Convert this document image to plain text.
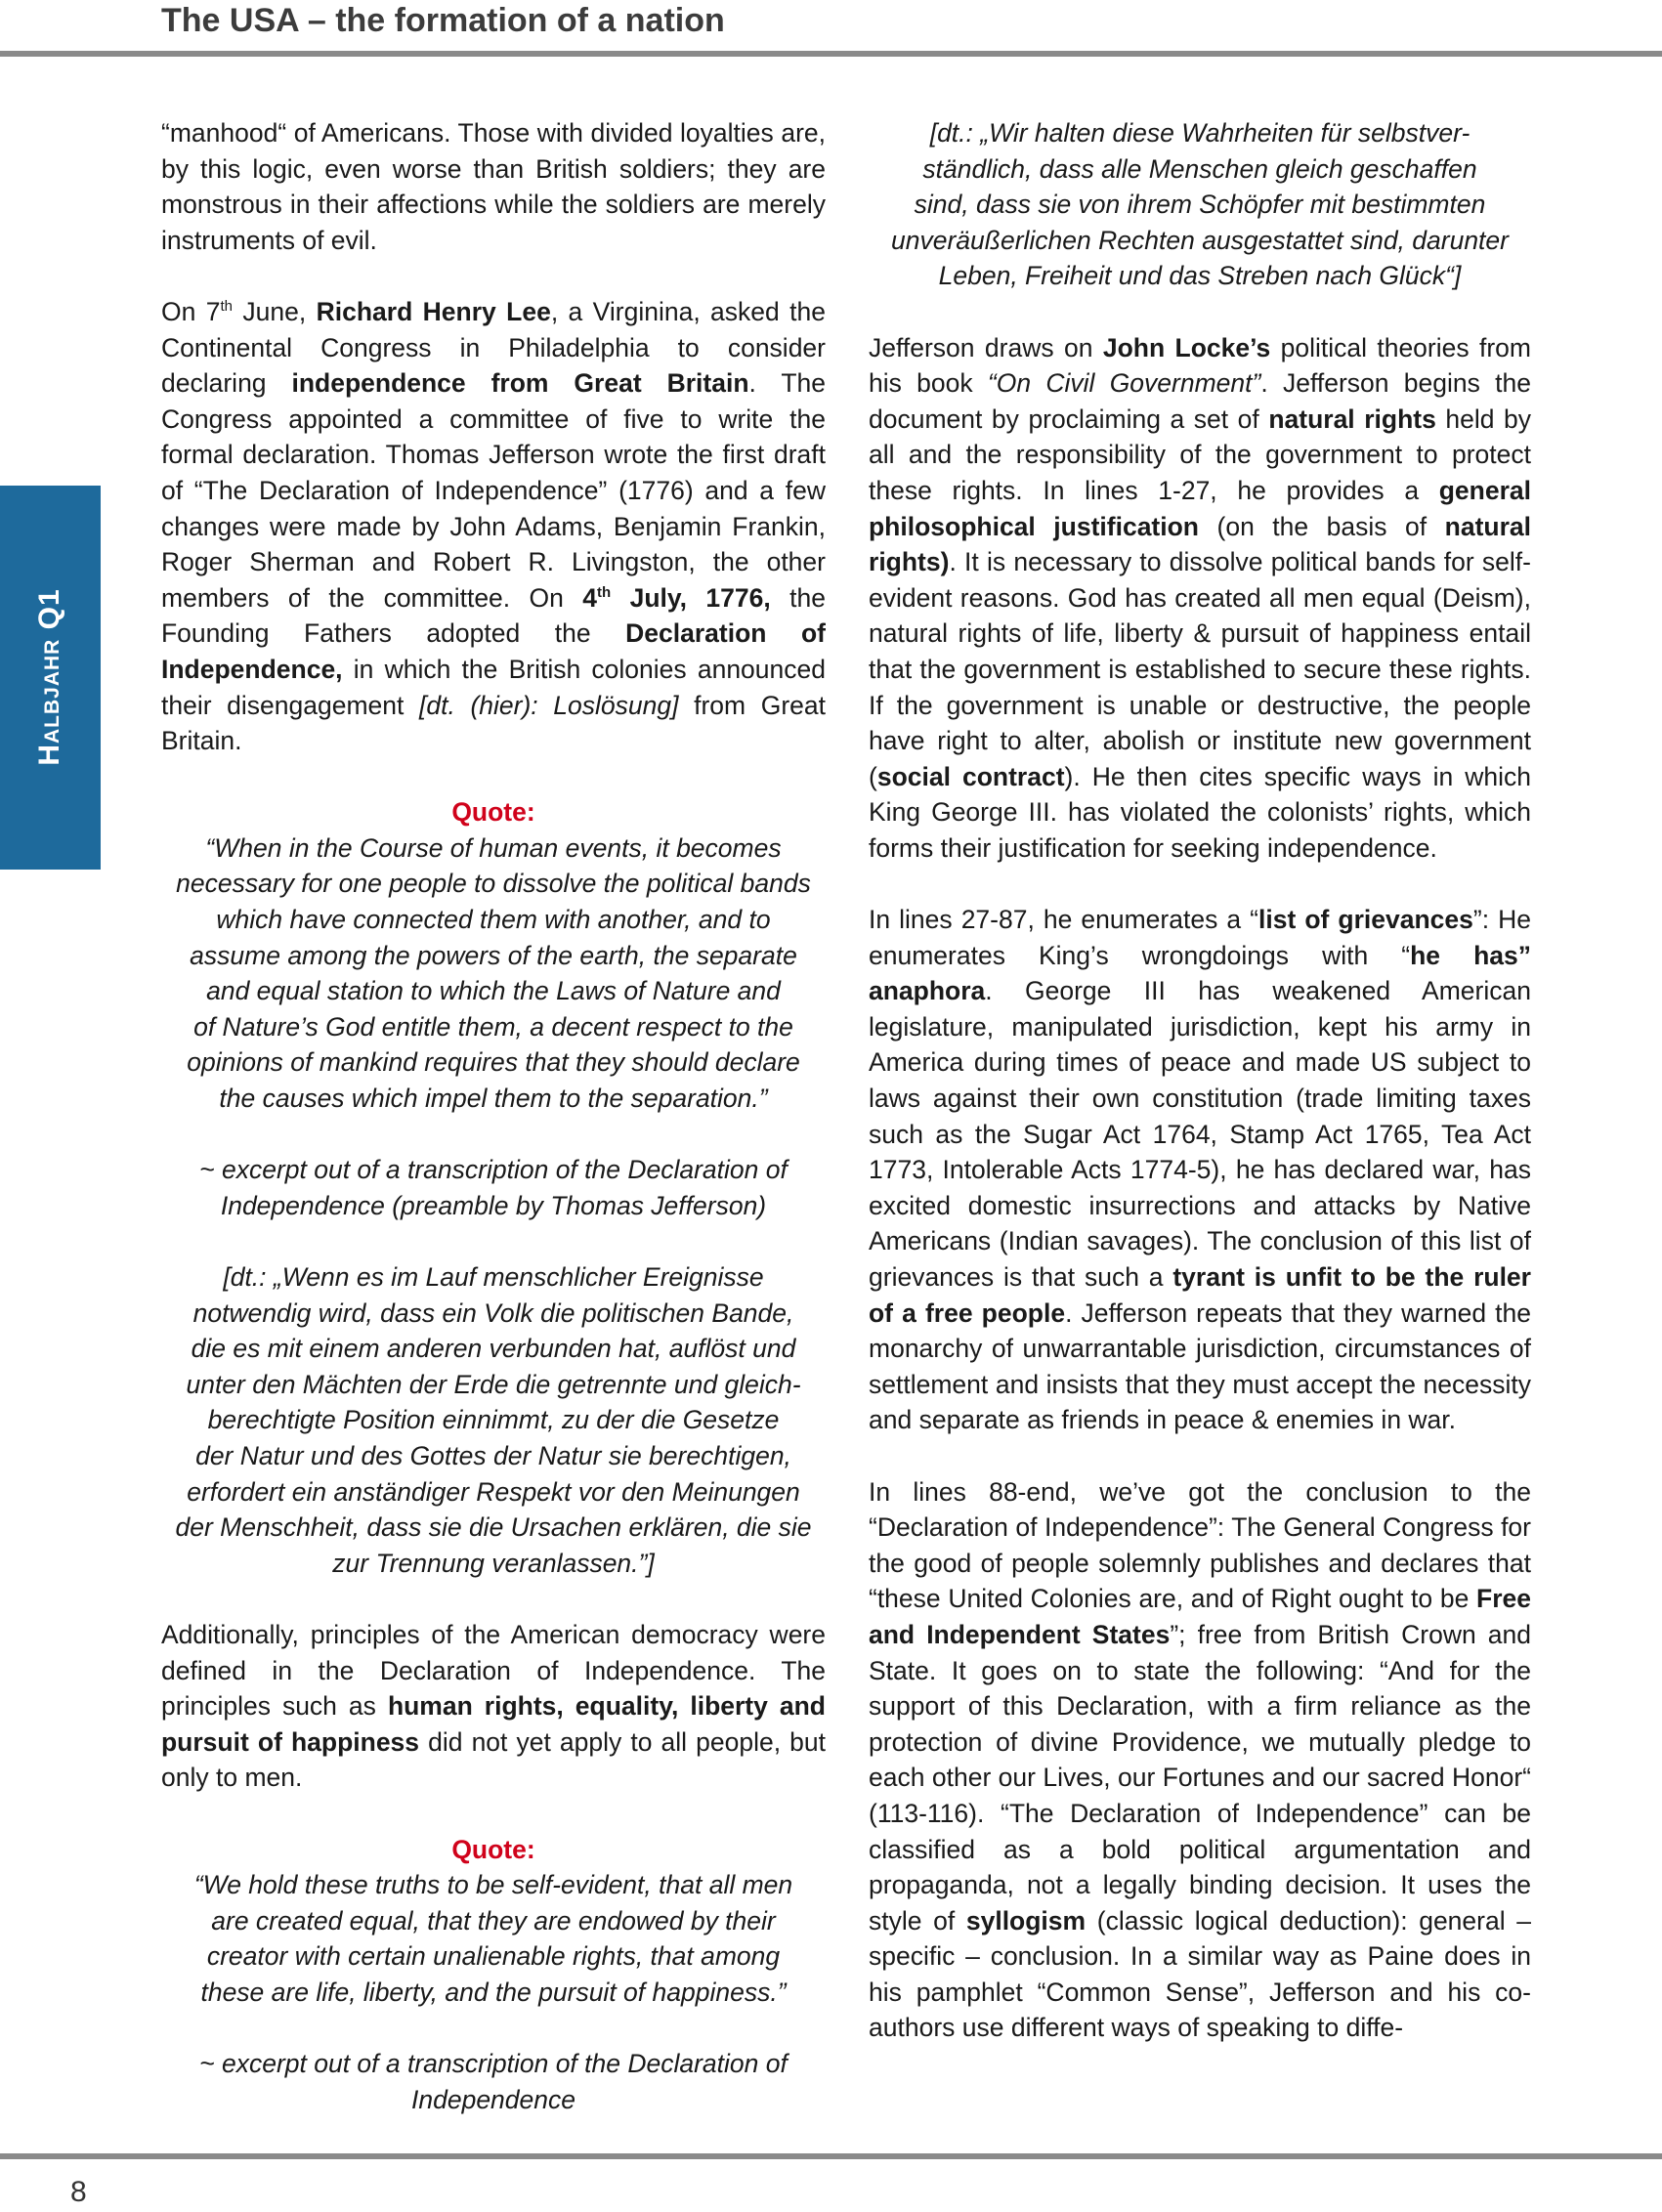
The USA – the formation of a nation
Halbjahr Q1

“manhood“ of Americans. Those with divided loyalties are, by this logic, even worse than British soldiers; they are monstrous in their affections while the soldiers are merely instruments of evil.

On 7th June, Richard Henry Lee, a Virginina, asked the Continental Congress in Philadelphia to consider declaring independence from Great Britain. The Congress appointed a committee of five to write the formal declaration. Thomas Jefferson wrote the first draft of “The Declaration of Independence” (1776) and a few changes were made by John Adams, Benjamin Frankin, Roger Sherman and Robert R. Livingston, the other members of the committee. On 4th July, 1776, the Founding Fathers adopted the Declaration of Independence, in which the British colonies announced their disengagement [dt. (hier): Loslösung] from Great Britain.

Quote:

“When in the Course of human events, it becomes
necessary for one people to dissolve the political bands
which have connected them with another, and to
assume among the powers of the earth, the separate
and equal station to which the Laws of Nature and
of Nature’s God entitle them, a decent respect to the
opinions of mankind requires that they should declare
the causes which impel them to the separation.”
~ excerpt out of a transcription of the Declaration of
Independence (preamble by Thomas Jefferson)
[dt.: „Wenn es im Lauf menschlicher Ereignisse
notwendig wird, dass ein Volk die politischen Bande,
die es mit einem anderen verbunden hat, auflöst und
unter den Mächten der Erde die getrennte und gleich-
berechtigte Position einnimmt, zu der die Gesetze
der Natur und des Gottes der Natur sie berechtigen,
erfordert ein anständiger Respekt vor den Meinungen
der Menschheit, dass sie die Ursachen erklären, die sie
zur Trennung veranlassen.”]

Additionally, principles of the American democracy were defined in the Declaration of Independence. The principles such as human rights, equality, liberty and pursuit of happiness did not yet apply to all people, but only to men.

Quote:

“We hold these truths to be self-evident, that all men
are created equal, that they are endowed by their
creator with certain unalienable rights, that among
these are life, liberty, and the pursuit of happiness.”
~ excerpt out of a transcription of the Declaration of
Independence
[dt.: „Wir halten diese Wahrheiten für selbstver-
ständlich, dass alle Menschen gleich geschaffen
sind, dass sie von ihrem Schöpfer mit bestimmten
unveräußerlichen Rechten ausgestattet sind, darunter
Leben, Freiheit und das Streben nach Glück“]

Jefferson draws on John Locke’s political theories from his book “On Civil Government”. Jefferson begins the document by proclaiming a set of natural rights held by all and the responsibility of the government to protect these rights. In lines 1-27, he provides a general philosophical justification (on the basis of natural rights). It is necessary to dissolve political bands for self-evident reasons. God has created all men equal (Deism), natural rights of life, liberty & pursuit of happiness entail that the government is established to secure these rights. If the government is unable or destructive, the people have right to alter, abolish or institute new government (social contract). He then cites specific ways in which King George III. has violated the colonists’ rights, which forms their justification for seeking independence.

In lines 27-87, he enumerates a “list of grievances”: He enumerates King’s wrongdoings with “he has” anaphora. George III has weakened American legislature, manipulated jurisdiction, kept his army in America during times of peace and made US subject to laws against their own constitution (trade limiting taxes such as the Sugar Act 1764, Stamp Act 1765, Tea Act 1773, Intolerable Acts 1774-5), he has declared war, has excited domestic insurrections and attacks by Native Americans (Indian savages). The conclusion of this list of grievances is that such a tyrant is unfit to be the ruler of a free people. Jefferson repeats that they warned the monarchy of unwarrantable jurisdiction, circumstances of settlement and insists that they must accept the necessity and separate as friends in peace & enemies in war.

In lines 88-end, we’ve got the conclusion to the “Declaration of Independence”: The General Congress for the good of people solemnly publishes and declares that “these United Colonies are, and of Right ought to be Free and Independent States”; free from British Crown and State. It goes on to state the following: “And for the support of this Declaration, with a firm reliance as the protection of divine Providence, we mutually pledge to each other our Lives, our Fortunes and our sacred Honor“ (113-116). “The Declaration of Independence” can be classified as a bold political argumentation and propaganda, not a legally binding decision. It uses the style of syllogism (classic logical deduction): general – specific – conclusion. In a similar way as Paine does in his pamphlet “Common Sense”, Jefferson and his co-authors use different ways of speaking to diffe-

8
